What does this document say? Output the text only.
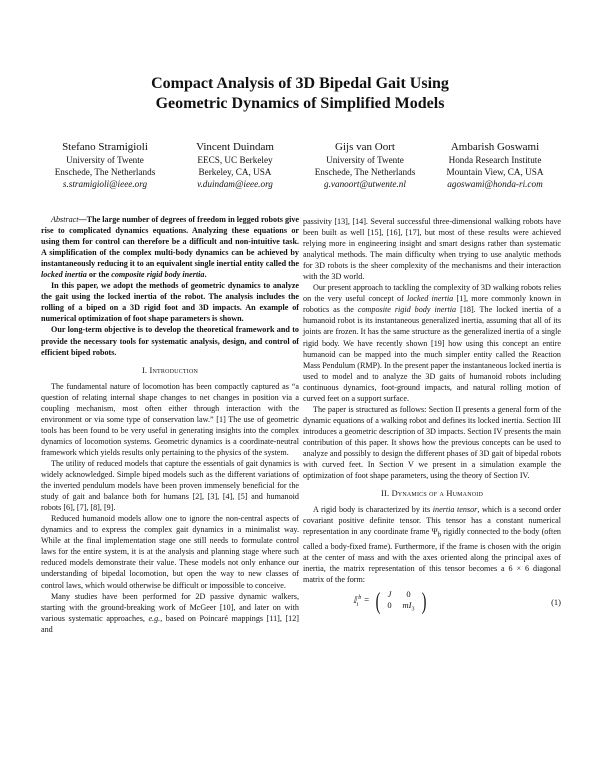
Compact Analysis of 3D Bipedal Gait Using
Geometric Dynamics of Simplified Models
Stefano Stramigioli
University of Twente
Enschede, The Netherlands
s.stramigioli@ieee.org
Vincent Duindam
EECS, UC Berkeley
Berkeley, CA, USA
v.duindam@ieee.org
Gijs van Oort
University of Twente
Enschede, The Netherlands
g.vanoort@utwente.nl
Ambarish Goswami
Honda Research Institute
Mountain View, CA, USA
agoswami@honda-ri.com

Abstract—The large number of degrees of freedom in legged robots give rise to complicated dynamics equations. Analyzing these equations or using them for control can therefore be a difficult and non-intuitive task. A simplification of the complex multi-body dynamics can be achieved by instantaneously reducing it to an equivalent single inertial entity called the locked inertia or the composite rigid body inertia.

In this paper, we adopt the methods of geometric dynamics to analyze the gait using the locked inertia of the robot. The analysis includes the rolling of a biped on a 3D rigid foot and 3D impacts. An example of numerical optimization of foot shape parameters is shown.

Our long-term objective is to develop the theoretical framework and to provide the necessary tools for systematic analysis, design, and control of efficient biped robots.

I. Introduction

The fundamental nature of locomotion has been compactly captured as “a question of relating internal shape changes to net changes in position via a coupling mechanism, most often either through interaction with the environment or via some type of conservation law.” [1] The use of geometric tools has been found to be very useful in generating insights into the complex dynamics of locomotion systems. Geometric dynamics is a coordinate-neutral framework which yields results only pertaining to the physics of the system.

The utility of reduced models that capture the essentials of gait dynamics is widely acknowledged. Simple biped models such as the different variations of the inverted pendulum models have been proven immensely beneficial for the study of gait and balance both for humans [2], [3], [4], [5] and humanoid robots [6], [7], [8], [9].

Reduced humanoid models allow one to ignore the non-central aspects of dynamics and to express the complex gait dynamics in a minimalist way. While at the final implementation stage one still needs to formulate control laws for the entire system, it is at the analysis and planning stage where such reduced models demonstrate their value. These models not only enhance our understanding of bipedal locomotion, but open the way to new classes of control laws, which would otherwise be difficult or impossible to conceive.

Many studies have been performed for 2D passive dynamic walkers, starting with the ground-breaking work of McGeer [10], and later on with various systematic approaches, e.g., based on Poincaré mappings [11], [12] and

passivity [13], [14]. Several successful three-dimensional walking robots have been built as well [15], [16], [17], but most of these results were achieved relying more in engineering insight and smart designs rather than systematic analytical methods. The main difficulty when trying to use analytic methods for 3D robots is the sheer complexity of the mechanisms and their interaction with the 3D world.

Our present approach to tackling the complexity of 3D walking robots relies on the very useful concept of locked inertia [1], more commonly known in robotics as the composite rigid body inertia [18]. The locked inertia of a humanoid robot is its instantaneous generalized inertia, assuming that all of its joints are frozen. It has the same structure as the generalized inertia of a single rigid body. We have recently shown [19] how using this concept an entire humanoid can be mapped into the much simpler entity called the Reaction Mass Pendulum (RMP). In the present paper the instantaneous locked inertia is used to model and to analyze the 3D gaits of humanoid robots including continuous dynamics, foot-ground impacts, and natural rolling motion of curved feet on a support surface.

The paper is structured as follows: Section II presents a general form of the dynamic equations of a walking robot and defines its locked inertia. Section III introduces a geometric description of 3D impacts. Section IV presents the main contribution of this paper. It shows how the previous concepts can be used to analyze and possibly to design the different phases of 3D gait of bipedal robots with curved feet. In Section V we present in a simulation example the optimization of foot shape parameters, using the theory of Section IV.

II. Dynamics of a Humanoid

A rigid body is characterized by its inertia tensor, which is a second order covariant positive definite tensor. This tensor has a constant numerical representation in any coordinate frame $\Psi_b$ rigidly connected to the body (often called a body-fixed frame). Furthermore, if the frame is chosen with the origin at the center of mass and with the axes oriented along the principal axes of inertia, the matrix representation of this tensor becomes a 6 × 6 diagonal matrix of the form:

𝕀$_i^b$ = ( J	0
0	$mI_3$ )	(1)
